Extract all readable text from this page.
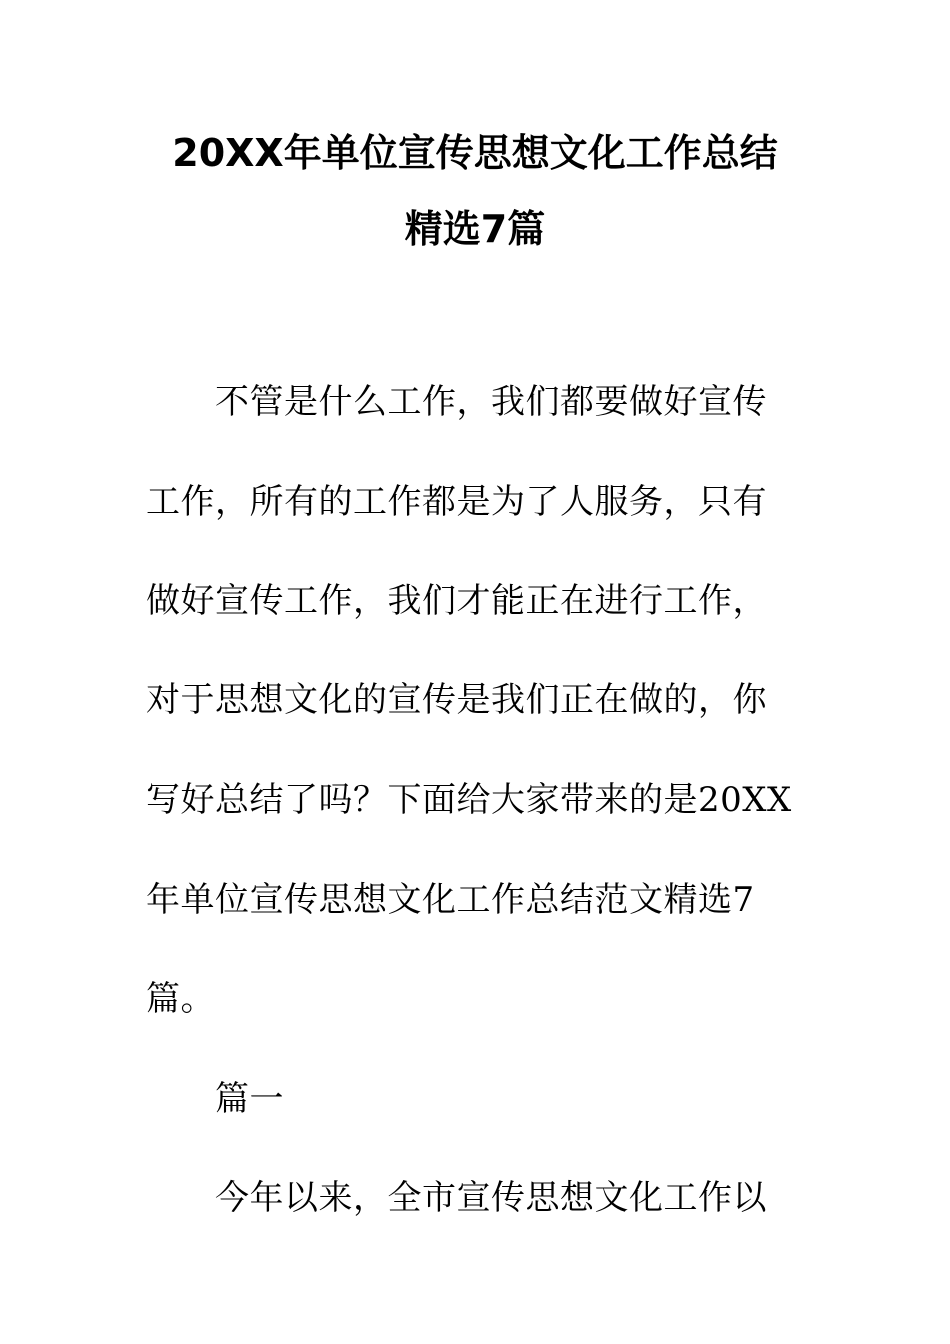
20XX年单位宣传思想文化工作总结
精选7篇
不管是什么工作，我们都要做好宣传
工作，所有的工作都是为了人服务，只有
做好宣传工作，我们才能正在进行工作，
对于思想文化的宣传是我们正在做的，你
写好总结了吗？下面给大家带来的是20XX
年单位宣传思想文化工作总结范文精选7
篇。
篇一
今年以来，全市宣传思想文化工作以
